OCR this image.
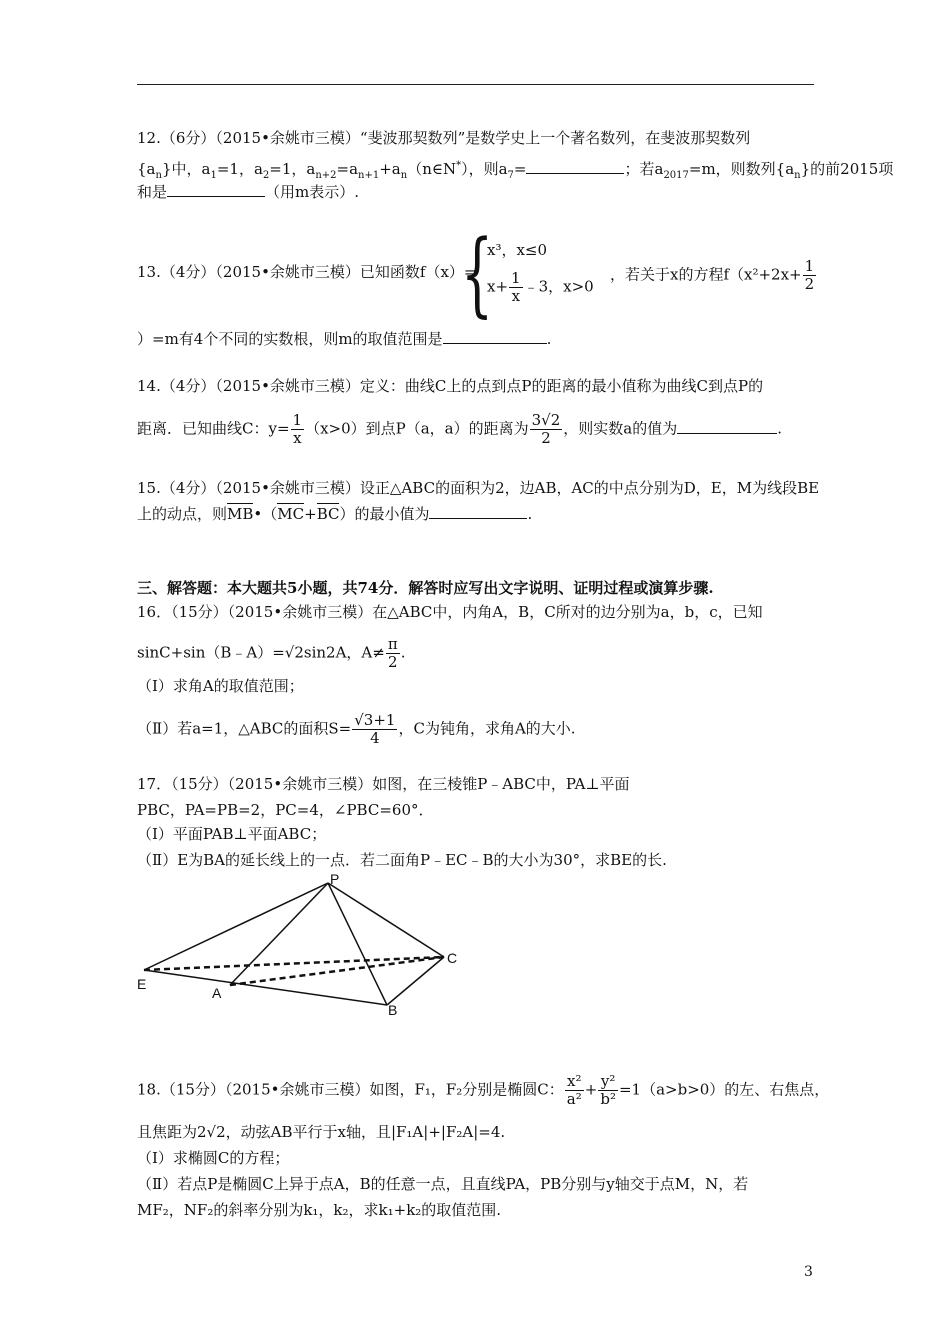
12.（6分）（2015•余姚市三模）“斐波那契数列”是数学史上一个著名数列，在斐波那契数列
$\{a_n\}$中，$a_1=1$，$a_2=1$，$a_{n+2}=a_{n+1}+a_n(n\in N^*)$，则$a_7=$	；若$a_{2017}=m$，则数列$\{a_n\}$的前2015项
和是	（用m表示）.
13.（4分）（2015•余姚市三模）已知函数f（x）=
{
x³，x≤0
$x+ \frac{1}{x}$ ﹣3，x>0
，若关于x的方程$f(x^2+2x+ \frac{1}{2}$
）=m有4个不同的实数根，则m的取值范围是	.
14.（4分）（2015•余姚市三模）定义：曲线C上的点到点P的距离的最小值称为曲线C到点P的
距离．已知曲线C：$y= \frac{1}{x} (x>0)$到点P（a，a）的距离为 $\frac{3√2}{2}$ ，则实数a的值为	.
15.（4分）（2015•余姚市三模）设正△ABC的面积为2，边AB，AC的中点分别为D，E，M为线段BE
上的动点，则MB•（MC+BC）的最小值为	.
三、解答题：本大题共5小题，共74分．解答时应写出文字说明、证明过程或演算步骤.
16．（15分）（2015•余姚市三模）在△ABC中，内角A，B，C所对的边分别为a，b，c，已知
sinC+sin（B﹣A）=√2sin2A，$A\ne \frac{\pi}{2}$ .
（Ⅰ）求角A的取值范围；
（Ⅱ）若a=1，△ABC的面积$S= \frac{√3+1}{4}$ ，C为钝角，求角A的大小.
17．（15分）（2015•余姚市三模）如图，在三棱锥P﹣ABC中，PA⊥平面
PBC，PA=PB=2，PC=4，∠PBC=60°．
（Ⅰ）平面PAB⊥平面ABC；
（Ⅱ）E为BA的延长线上的一点．若二面角P﹣EC﹣B的大小为30°，求BE的长.
P
C
E
A
B
18.（15分）（2015•余姚市三模）如图，F₁，F₂分别是椭圆C： $\frac{\text{x²}}{\text{a²}} + \frac{\text{y²}}{\text{b²}} =1(a>b>0)$的左、右焦点，
且焦距为2√2，动弦AB平行于x轴，且|F₁A|+|F₂A|=4.
（Ⅰ）求椭圆C的方程；
（Ⅱ）若点P是椭圆C上异于点A，B的任意一点，且直线PA，PB分别与y轴交于点M，N，若
MF₂，NF₂的斜率分别为k₁，k₂，求k₁+k₂的取值范围.
3
